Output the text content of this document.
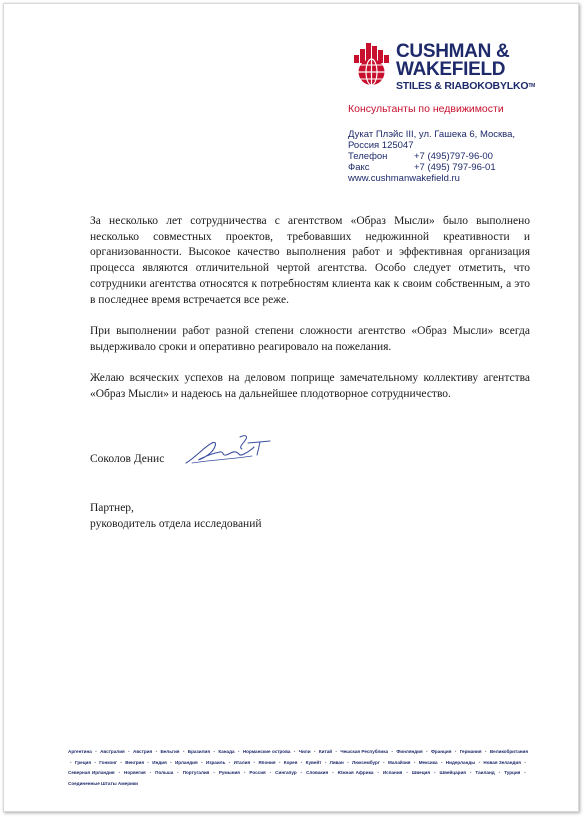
CUSHMAN &
WAKEFIELD
STILES & RIABOKOBYLKO™
Консультанты по недвижимости
Дукат Плэйс III, ул. Гашека 6, Москва,
Россия 125047
Телефон	+7 (495)797-96-00
Факс	+7 (495) 797-96-01
www.cushmanwakefield.ru

За несколько лет сотрудничества с агентством «Образ Мысли» было выполнено несколько совместных проектов, требовавших недюжинной креативности и организованности. Высокое качество выполнения работ и эффективная организация процесса являются отличительной чертой агентства. Особо следует отметить, что сотрудники агентства относятся к потребностям клиента как к своим собственным, а это в последнее время встречается все реже.

При выполнении работ разной степени сложности агентство «Образ Мысли» всегда выдерживало сроки и оперативно реагировало на пожелания.

Желаю всяческих успехов на деловом поприще замечательному коллективу агентства «Образ Мысли» и надеюсь на дальнейшее плодотворное сотрудничество.

Соколов Денис
Партнер,
руководитель отдела исследований
Аргентина • Австралия • Австрия • Бельгия • Бразилия • Канада • Норманские острова • Чили • Китай • Чешская Республика • Финляндия • Франция • Германия • Великобритания • Греция • Гонконг • Венгрия • Индия • Ирландия • Израиль • Италия • Япония • Корея • Кувейт • Ливан • Люксембург • Малайзия • Мексика • Нидерланды • Новая Зеландия • Северная Ирландия • Норвегия • Польша • Португалия • Румыния • Россия • Сингапур • Словакия • Южная Африка • Испания • Швеция • Швейцария • Таиланд • Турция • Соединенные Штаты Америки
